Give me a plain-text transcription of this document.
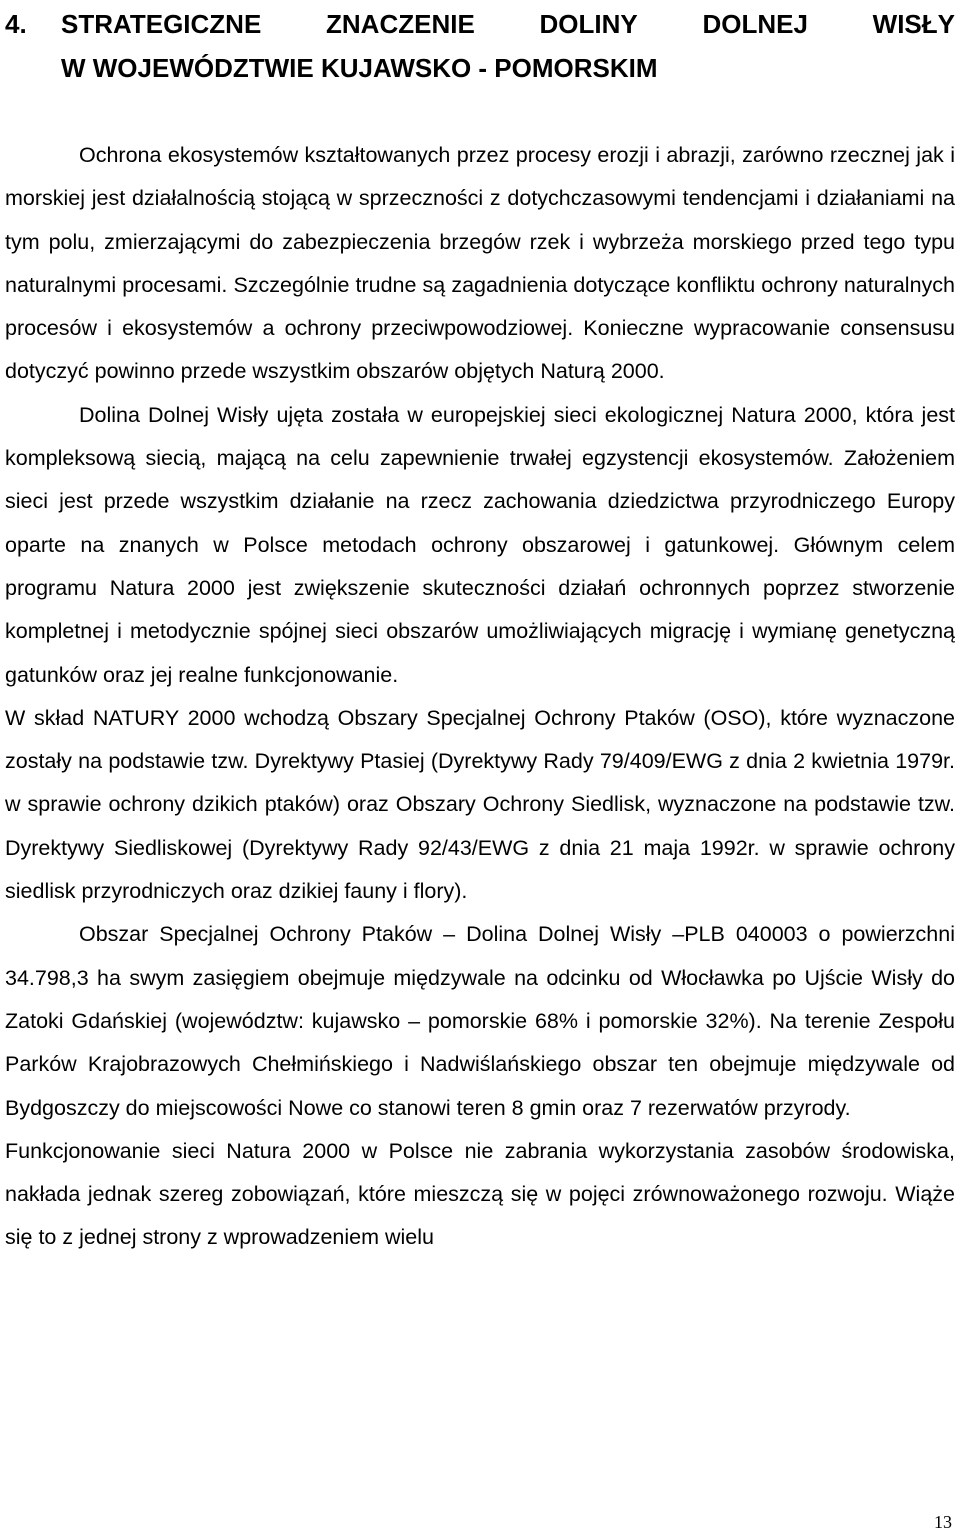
4.	STRATEGICZNE ZNACZENIE DOLINY DOLNEJ WISŁY
W WOJEWÓDZTWIE KUJAWSKO - POMORSKIM

Ochrona ekosystemów kształtowanych przez procesy erozji i abrazji, zarówno rzecznej jak i morskiej jest działalnością stojącą w sprzeczności z dotychczasowymi tendencjami i działaniami na tym polu, zmierzającymi do zabezpieczenia brzegów rzek i wybrzeża morskiego przed tego typu naturalnymi procesami. Szczególnie trudne są zagadnienia dotyczące konfliktu ochrony naturalnych procesów i ekosystemów a ochrony przeciwpowodziowej. Konieczne wypracowanie consensusu dotyczyć powinno przede wszystkim obszarów objętych Naturą 2000.

Dolina Dolnej Wisły ujęta została w europejskiej sieci ekologicznej Natura 2000, która jest kompleksową siecią, mającą na celu zapewnienie trwałej egzystencji ekosystemów. Założeniem sieci jest przede wszystkim działanie na rzecz zachowania dziedzictwa przyrodniczego Europy oparte na znanych w Polsce metodach ochrony obszarowej i gatunkowej. Głównym celem programu Natura 2000 jest zwiększenie skuteczności działań ochronnych poprzez stworzenie kompletnej i metodycznie spójnej sieci obszarów umożliwiających migrację i wymianę genetyczną gatunków oraz jej realne funkcjonowanie.

W skład NATURY 2000 wchodzą Obszary Specjalnej Ochrony Ptaków (OSO), które wyznaczone zostały na podstawie tzw. Dyrektywy Ptasiej (Dyrektywy Rady 79/409/EWG z dnia 2 kwietnia 1979r. w sprawie ochrony dzikich ptaków) oraz Obszary Ochrony Siedlisk, wyznaczone na podstawie tzw. Dyrektywy Siedliskowej (Dyrektywy Rady 92/43/EWG z dnia 21 maja 1992r. w sprawie ochrony siedlisk przyrodniczych oraz dzikiej fauny i flory).

Obszar Specjalnej Ochrony Ptaków – Dolina Dolnej Wisły –PLB 040003 o powierzchni 34.798,3 ha swym zasięgiem obejmuje międzywale na odcinku od Włocławka po Ujście Wisły do Zatoki Gdańskiej (województw: kujawsko – pomorskie 68% i pomorskie 32%). Na terenie Zespołu Parków Krajobrazowych Chełmińskiego i Nadwiślańskiego obszar ten obejmuje międzywale od Bydgoszczy do miejscowości Nowe co stanowi teren 8 gmin oraz 7 rezerwatów przyrody.

Funkcjonowanie sieci Natura 2000 w Polsce nie zabrania wykorzystania zasobów środowiska, nakłada jednak szereg zobowiązań, które mieszczą się w pojęci zrównoważonego rozwoju. Wiąże się to z jednej strony z wprowadzeniem wielu

13
